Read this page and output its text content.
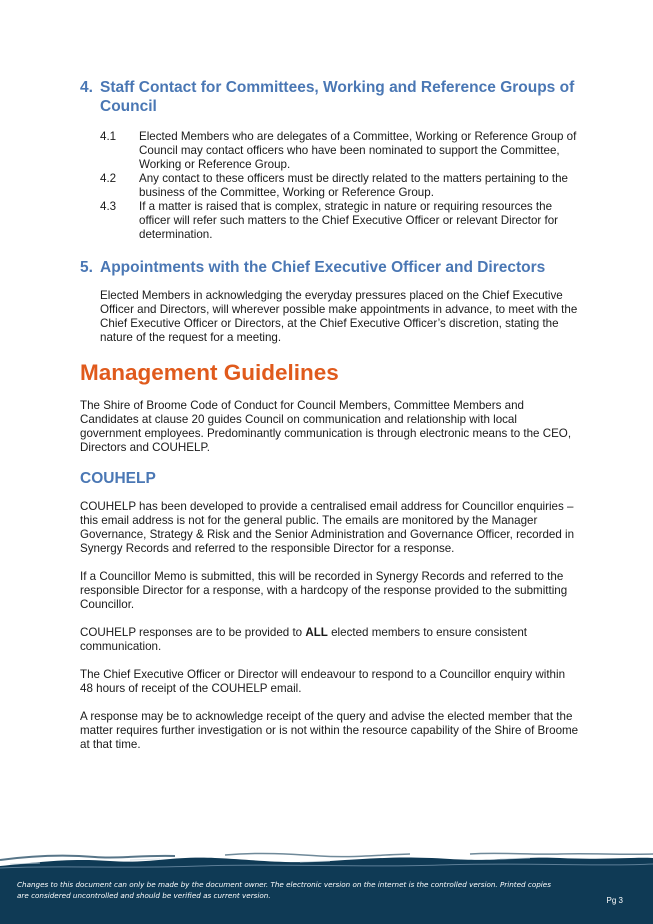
4. Staff Contact for Committees, Working and Reference Groups of Council
4.1	Elected Members who are delegates of a Committee, Working or Reference Group of Council may contact officers who have been nominated to support the Committee, Working or Reference Group.
4.2	Any contact to these officers must be directly related to the matters pertaining to the business of the Committee, Working or Reference Group.
4.3	If a matter is raised that is complex, strategic in nature or requiring resources the officer will refer such matters to the Chief Executive Officer or relevant Director for determination.
5. Appointments with the Chief Executive Officer and Directors

Elected Members in acknowledging the everyday pressures placed on the Chief Executive Officer and Directors, will wherever possible make appointments in advance, to meet with the Chief Executive Officer or Directors, at the Chief Executive Officer’s discretion, stating the nature of the request for a meeting.

Management Guidelines

The Shire of Broome Code of Conduct for Council Members, Committee Members and Candidates at clause 20 guides Council on communication and relationship with local government employees. Predominantly communication is through electronic means to the CEO, Directors and COUHELP.

COUHELP

COUHELP has been developed to provide a centralised email address for Councillor enquiries – this email address is not for the general public. The emails are monitored by the Manager Governance, Strategy & Risk and the Senior Administration and Governance Officer, recorded in Synergy Records and referred to the responsible Director for a response.

If a Councillor Memo is submitted, this will be recorded in Synergy Records and referred to the responsible Director for a response, with a hardcopy of the response provided to the submitting Councillor.

COUHELP responses are to be provided to ALL elected members to ensure consistent communication.

The Chief Executive Officer or Director will endeavour to respond to a Councillor enquiry within 48 hours of receipt of the COUHELP email.

A response may be to acknowledge receipt of the query and advise the elected member that the matter requires further investigation or is not within the resource capability of the Shire of Broome at that time.

Changes to this document can only be made by the document owner. The electronic version on the internet is the controlled version. Printed copies
are considered uncontrolled and should be verified as current version.
Pg 3
